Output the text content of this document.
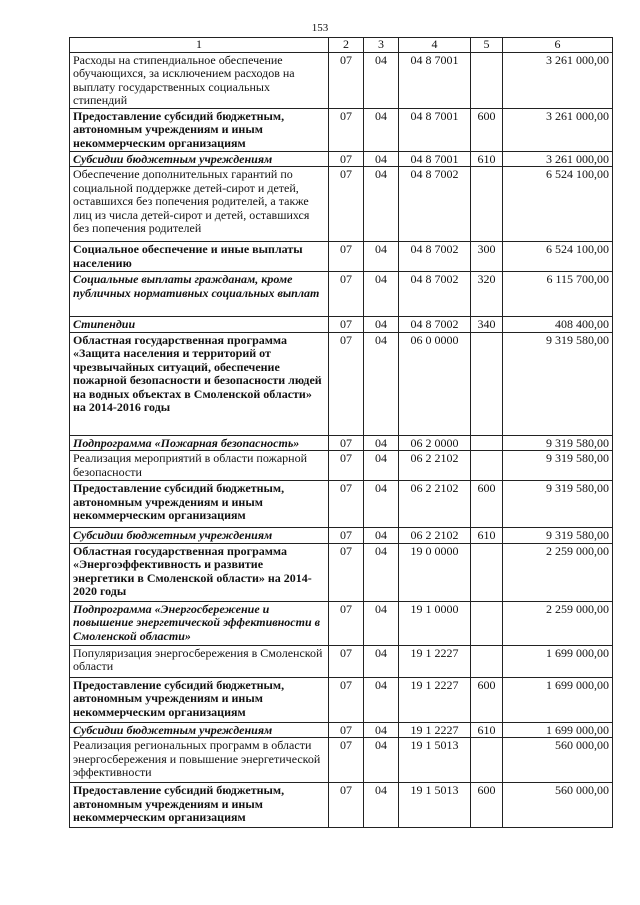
153
1	2	3	4	5	6
Расходы на стипендиальное обеспечение обучающихся, за исключением расходов на выплату государственных социальных стипендий	07	04	04 8 7001		3 261 000,00
Предоставление субсидий бюджетным, автономным учреждениям и иным некоммерческим организациям	07	04	04 8 7001	600	3 261 000,00
Субсидии бюджетным учреждениям	07	04	04 8 7001	610	3 261 000,00
Обеспечение дополнительных гарантий по социальной поддержке детей-сирот и детей, оставшихся без попечения родителей, а также лиц из числа детей-сирот и детей, оставшихся без попечения родителей	07	04	04 8 7002		6 524 100,00
Социальное обеспечение и иные выплаты населению	07	04	04 8 7002	300	6 524 100,00
Социальные выплаты гражданам, кроме публичных нормативных социальных выплат	07	04	04 8 7002	320	6 115 700,00
Стипендии	07	04	04 8 7002	340	408 400,00
Областная государственная программа «Защита населения и территорий от чрезвычайных ситуаций, обеспечение пожарной безопасности и безопасности людей на водных объектах в Смоленской области» на 2014-2016 годы	07	04	06 0 0000		9 319 580,00
Подпрограмма «Пожарная безопасность»	07	04	06 2 0000		9 319 580,00
Реализация мероприятий в области пожарной безопасности	07	04	06 2 2102		9 319 580,00
Предоставление субсидий бюджетным, автономным учреждениям и иным некоммерческим организациям	07	04	06 2 2102	600	9 319 580,00
Субсидии бюджетным учреждениям	07	04	06 2 2102	610	9 319 580,00
Областная государственная программа «Энергоэффективность и развитие энергетики в Смоленской области» на 2014-2020 годы	07	04	19 0 0000		2 259 000,00
Подпрограмма «Энергосбережение и повышение энергетической эффективности в Смоленской области»	07	04	19 1 0000		2 259 000,00
Популяризация энергосбережения в Смоленской области	07	04	19 1 2227		1 699 000,00
Предоставление субсидий бюджетным, автономным учреждениям и иным некоммерческим организациям	07	04	19 1 2227	600	1 699 000,00
Субсидии бюджетным учреждениям	07	04	19 1 2227	610	1 699 000,00
Реализация региональных программ в области энергосбережения и повышение энергетической эффективности	07	04	19 1 5013		560 000,00
Предоставление субсидий бюджетным, автономным учреждениям и иным некоммерческим организациям	07	04	19 1 5013	600	560 000,00
